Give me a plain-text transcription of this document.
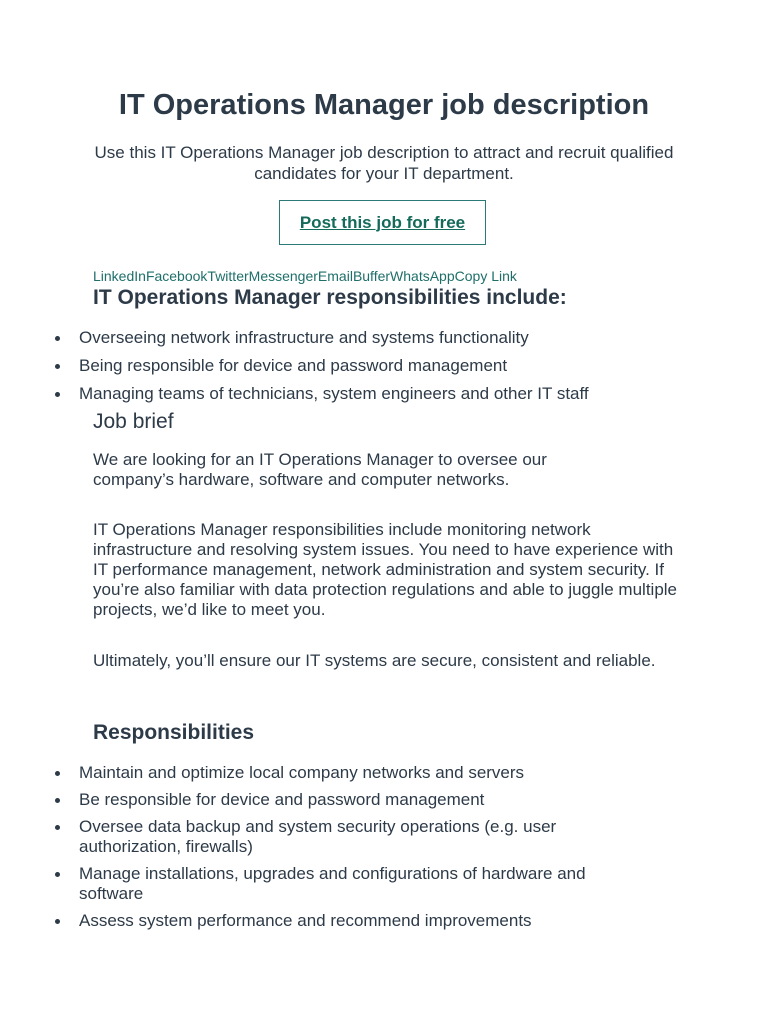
IT Operations Manager job description
Use this IT Operations Manager job description to attract and recruit qualified candidates for your IT department.
Post this job for free
LinkedInFacebookTwitterMessengerEmailBufferWhatsAppCopy Link
IT Operations Manager responsibilities include:
Overseeing network infrastructure and systems functionality
Being responsible for device and password management
Managing teams of technicians, system engineers and other IT staff
Job brief
We are looking for an IT Operations Manager to oversee our company’s hardware, software and computer networks.
IT Operations Manager responsibilities include monitoring network infrastructure and resolving system issues. You need to have experience with IT performance management, network administration and system security. If you’re also familiar with data protection regulations and able to juggle multiple projects, we’d like to meet you.
Ultimately, you’ll ensure our IT systems are secure, consistent and reliable.
Responsibilities
Maintain and optimize local company networks and servers
Be responsible for device and password management
Oversee data backup and system security operations (e.g. user authorization, firewalls)
Manage installations, upgrades and configurations of hardware and software
Assess system performance and recommend improvements
